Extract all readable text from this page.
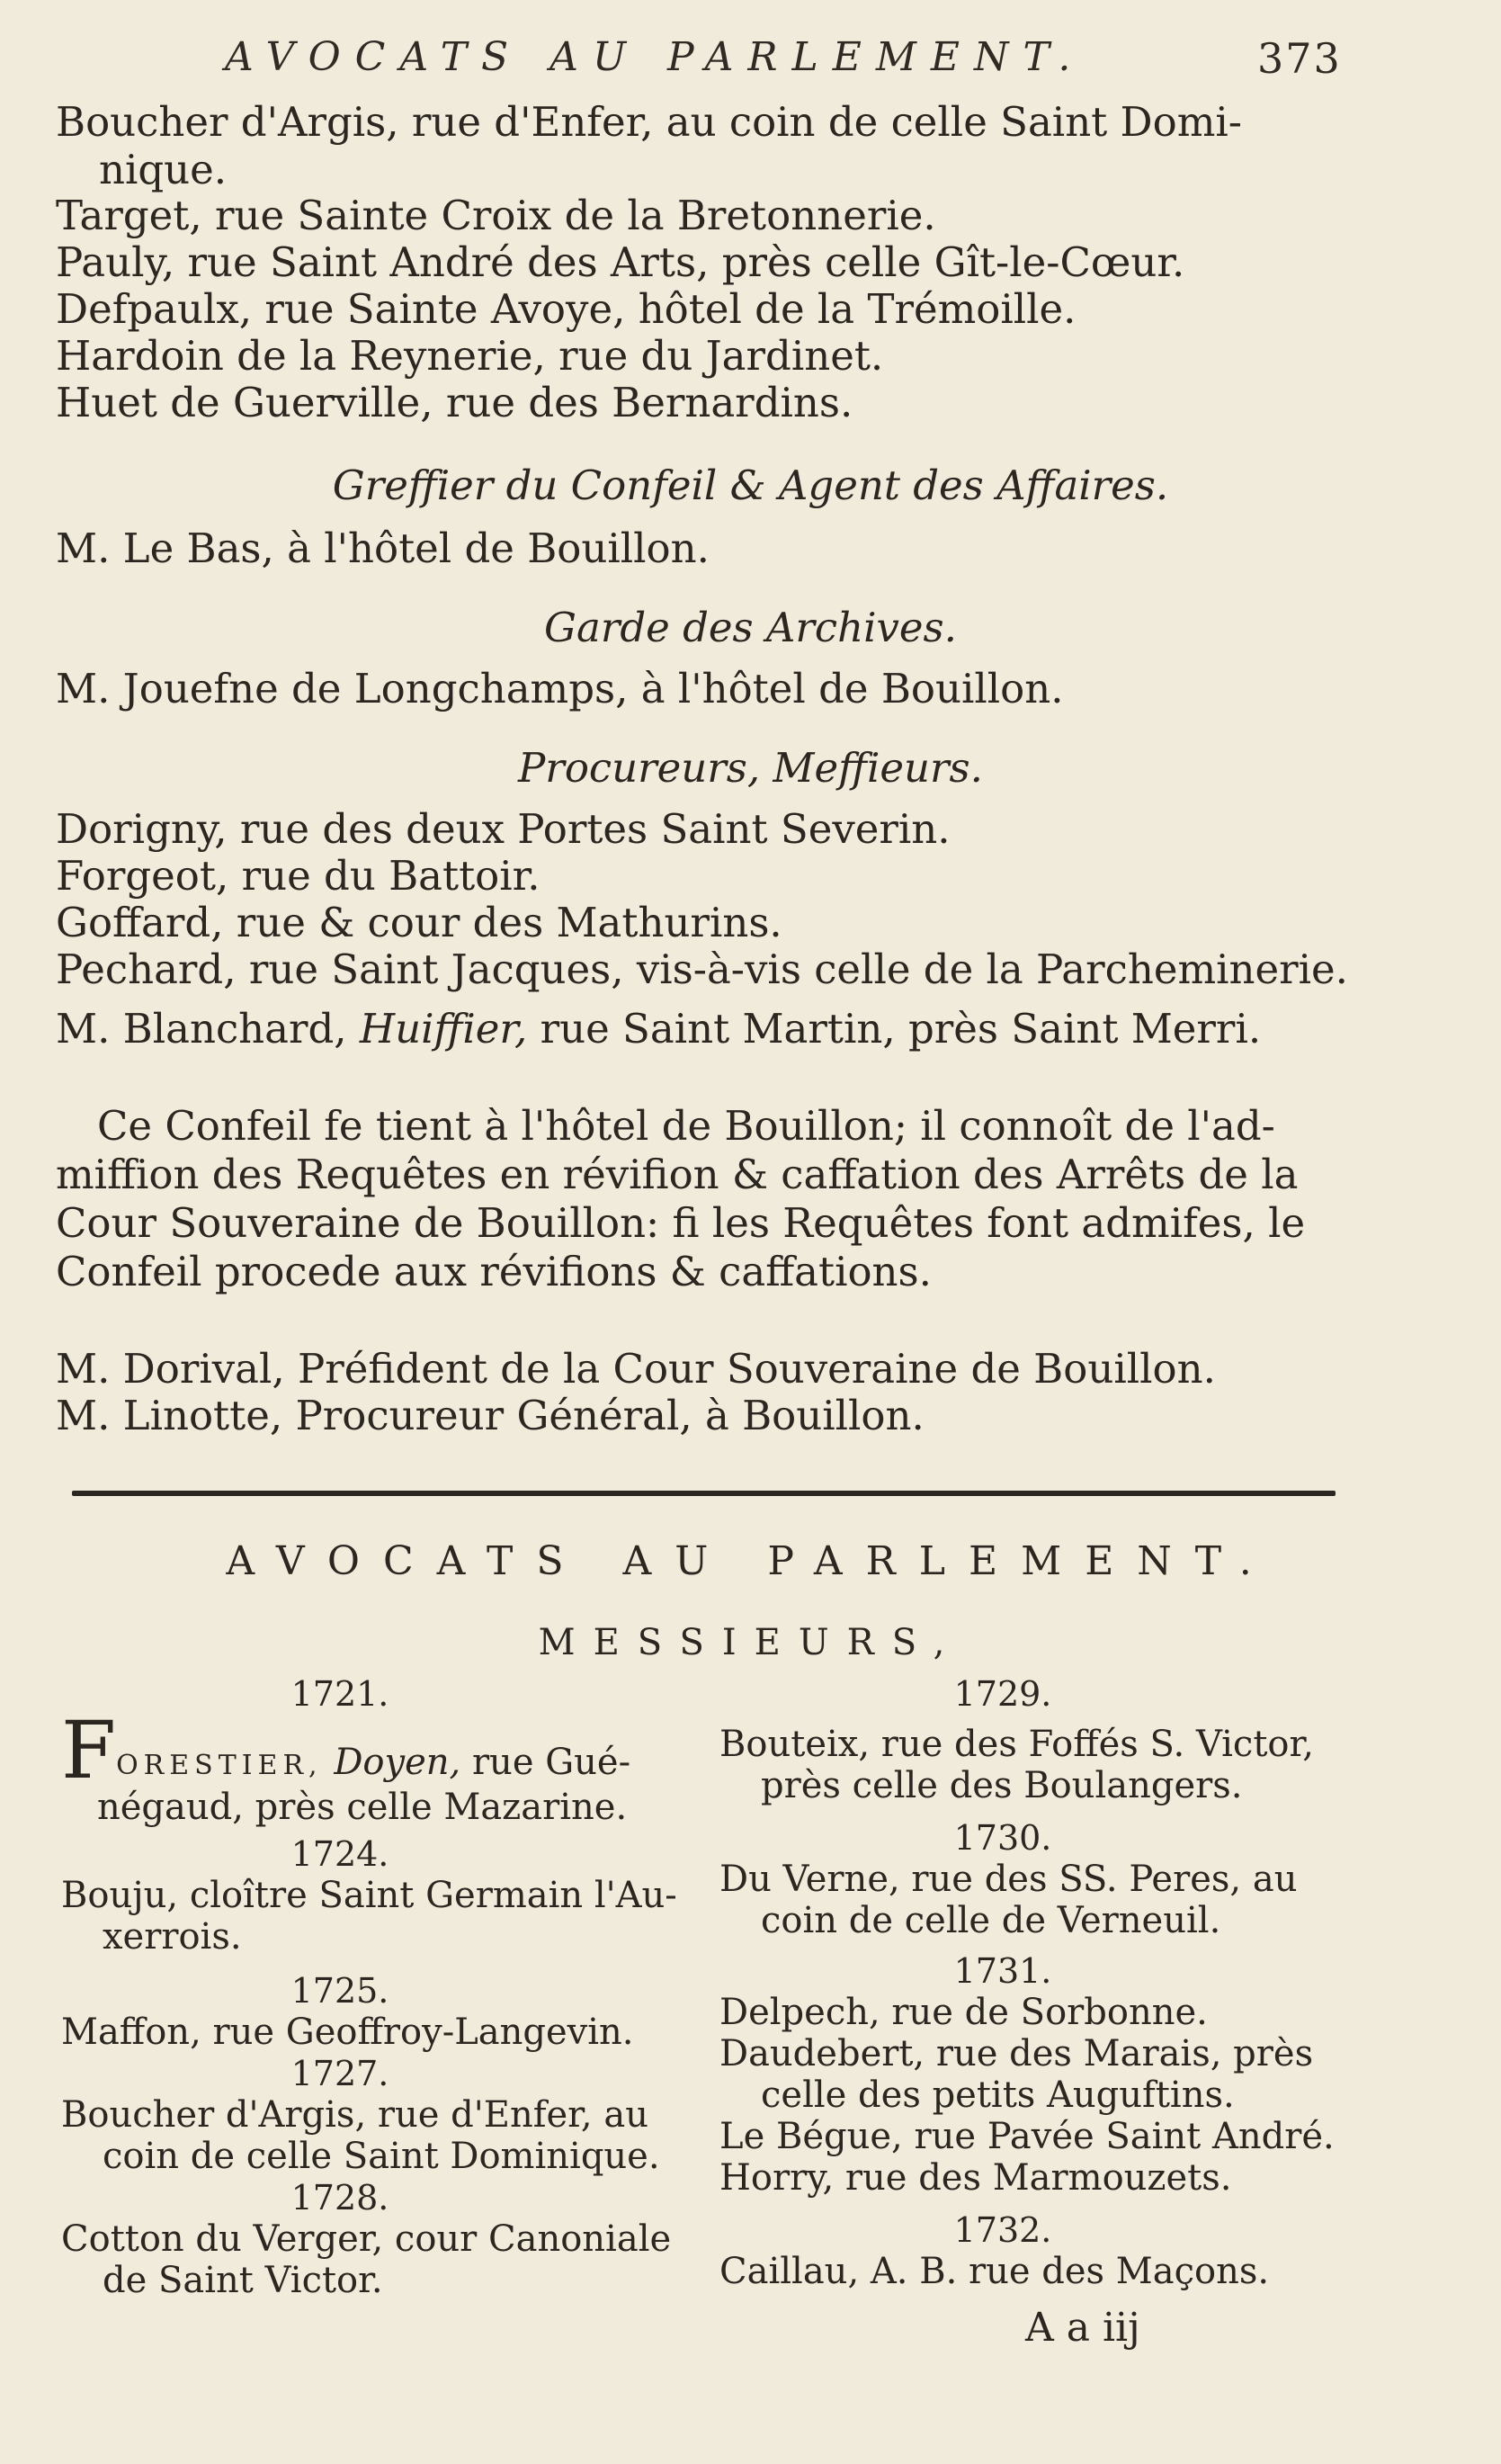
AVOCATS AU PARLEMENT.	373
Boucher d'Argis, rue d'Enfer, au coin de celle Saint Domi-
nique.
Target, rue Sainte Croix de la Bretonnerie.
Pauly, rue Saint André des Arts, près celle Gît-le-Cœur.
Defpaulx, rue Sainte Avoye, hôtel de la Trémoille.
Hardoin de la Reynerie, rue du Jardinet.
Huet de Guerville, rue des Bernardins.
Greffier du Confeil & Agent des Affaires.
M. Le Bas, à l'hôtel de Bouillon.
Garde des Archives.
M. Jouefne de Longchamps, à l'hôtel de Bouillon.
Procureurs, Meffieurs.
Dorigny, rue des deux Portes Saint Severin.
Forgeot, rue du Battoir.
Goffard, rue & cour des Mathurins.
Pechard, rue Saint Jacques, vis-à-vis celle de la Parcheminerie.
M. Blanchard, Huiffier, rue Saint Martin, près Saint Merri.
Ce Confeil fe tient à l'hôtel de Bouillon; il connoît de l'ad-
miffion des Requêtes en révifion & caffation des Arrêts de la
Cour Souveraine de Bouillon: fi les Requêtes font admifes, le
Confeil procede aux révifions & caffations.
M. Dorival, Préfident de la Cour Souveraine de Bouillon.
M. Linotte, Procureur Général, à Bouillon.
AVOCATS AU PARLEMENT.
MESSIEURS,
1721.
FORESTIER, Doyen, rue Gué-
négaud, près celle Mazarine.
1724.
Bouju, cloître Saint Germain l'Au-
xerrois.
1725.
Maffon, rue Geoffroy-Langevin.
1727.
Boucher d'Argis, rue d'Enfer, au
coin de celle Saint Dominique.
1728.
Cotton du Verger, cour Canoniale
de Saint Victor.
1729.
Bouteix, rue des Foffés S. Victor,
près celle des Boulangers.
1730.
Du Verne, rue des SS. Peres, au
coin de celle de Verneuil.
1731.
Delpech, rue de Sorbonne.
Daudebert, rue des Marais, près
celle des petits Auguftins.
Le Bégue, rue Pavée Saint André.
Horry, rue des Marmouzets.
1732.
Caillau, A. B. rue des Maçons.
A a iij
